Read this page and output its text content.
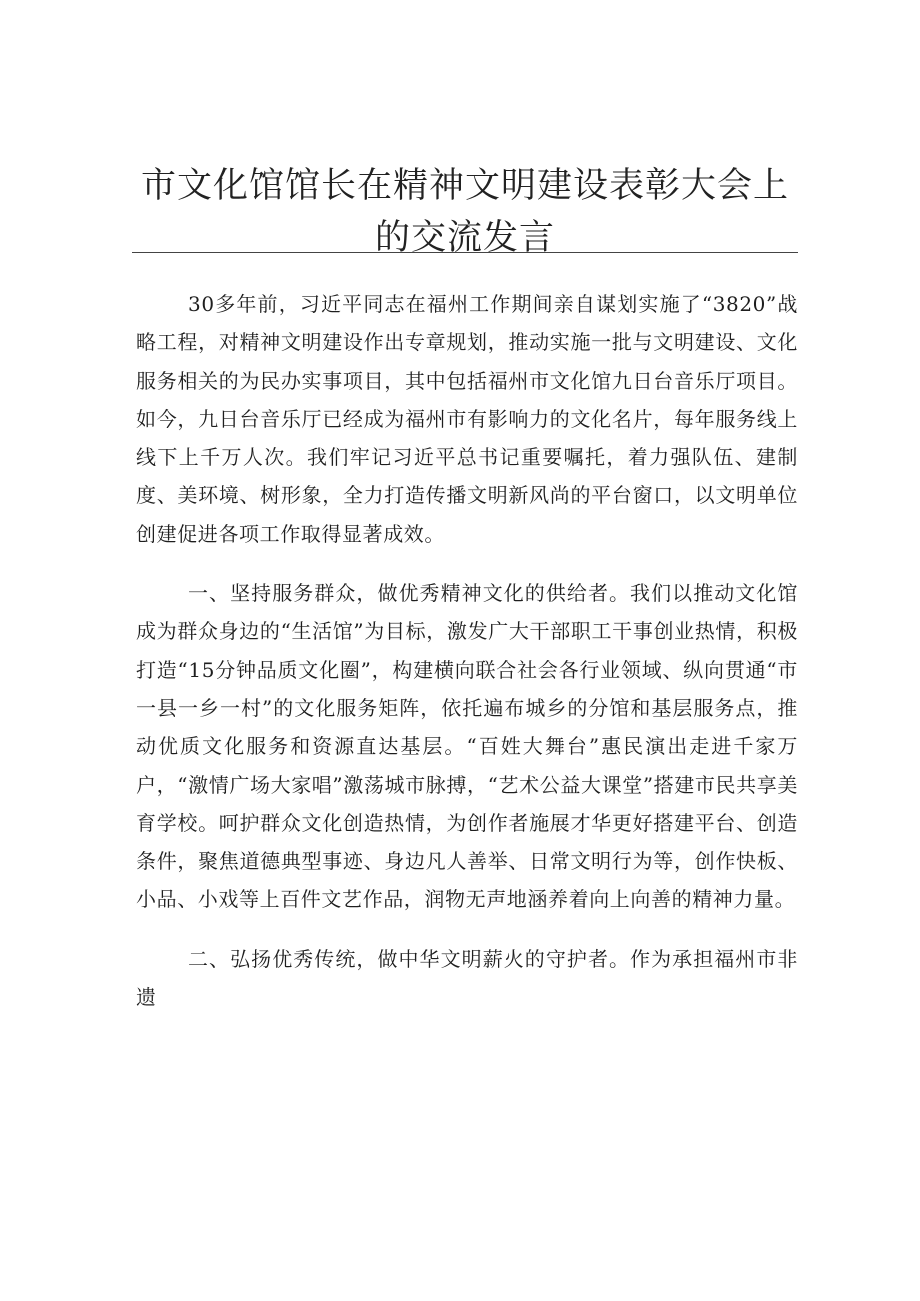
市文化馆馆长在精神文明建设表彰大会上的交流发言

30多年前，习近平同志在福州工作期间亲自谋划实施了“3820”战略工程，对精神文明建设作出专章规划，推动实施一批与文明建设、文化服务相关的为民办实事项目，其中包括福州市文化馆九日台音乐厅项目。如今，九日台音乐厅已经成为福州市有影响力的文化名片，每年服务线上线下上千万人次。我们牢记习近平总书记重要嘱托，着力强队伍、建制度、美环境、树形象，全力打造传播文明新风尚的平台窗口，以文明单位创建促进各项工作取得显著成效。

一、坚持服务群众，做优秀精神文化的供给者。我们以推动文化馆成为群众身边的“生活馆”为目标，激发广大干部职工干事创业热情，积极打造“15分钟品质文化圈”，构建横向联合社会各行业领域、纵向贯通“市一县一乡一村”的文化服务矩阵，依托遍布城乡的分馆和基层服务点，推动优质文化服务和资源直达基层。“百姓大舞台”惠民演出走进千家万户，“激情广场大家唱”激荡城市脉搏，“艺术公益大课堂”搭建市民共享美育学校。呵护群众文化创造热情，为创作者施展才华更好搭建平台、创造条件，聚焦道德典型事迹、身边凡人善举、日常文明行为等，创作快板、小品、小戏等上百件文艺作品，润物无声地涵养着向上向善的精神力量。

二、弘扬优秀传统，做中华文明薪火的守护者。作为承担福州市非遗
